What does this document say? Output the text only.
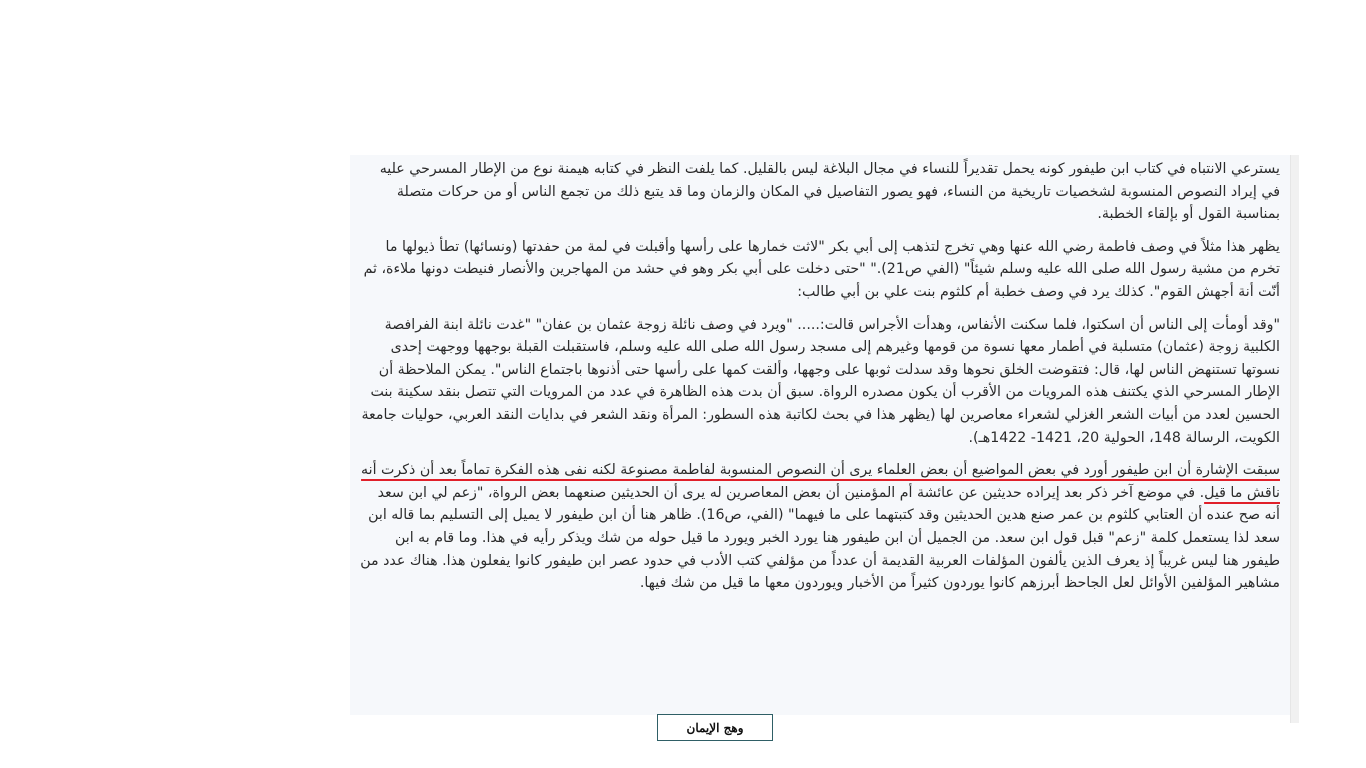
يسترعي الانتباه في كتاب ابن طيفور كونه يحمل تقديراً للنساء في مجال البلاغة ليس بالقليل. كما يلفت النظر في كتابه هيمنة نوع من الإطار المسرحي عليه في إيراد النصوص المنسوبة لشخصيات تاريخية من النساء، فهو يصور التفاصيل في المكان والزمان وما قد يتبع ذلك من تجمع الناس أو من حركات متصلة بمناسبة القول أو بإلقاء الخطبة.

يظهر هذا مثلاً في وصف فاطمة رضي الله عنها وهي تخرج لتذهب إلى أبي بكر "لاثت خمارها على رأسها وأقبلت في لمة من حفدتها (ونسائها) تطأ ذيولها ما تخرم من مشية رسول الله صلى الله عليه وسلم شيئاً" (الفي ص21)." "حتى دخلت على أبي بكر وهو في حشد من المهاجرين والأنصار فنيطت دونها ملاءة، ثم أنّت أنة أجهش القوم". كذلك يرد في وصف خطبة أم كلثوم بنت علي بن أبي طالب:

"وقد أومأت إلى الناس أن اسكتوا، فلما سكنت الأنفاس، وهدأت الأجراس قالت:..... "ويرد في وصف نائلة زوجة عثمان بن عفان" "غدت نائلة ابنة الفرافصة الكلبية زوجة (عثمان) متسلبة في أطمار معها نسوة من قومها وغيرهم إلى مسجد رسول الله صلى الله عليه وسلم، فاستقبلت القبلة بوجهها ووجهت إحدى نسوتها تستنهض الناس لها، قال: فتقوضت الخلق نحوها وقد سدلت ثوبها على وجهها، وألقت كمها على رأسها حتى أذنوها باجتماع الناس". يمكن الملاحظة أن الإطار المسرحي الذي يكتنف هذه المرويات من الأقرب أن يكون مصدره الرواة. سبق أن بدت هذه الظاهرة في عدد من المرويات التي تتصل بنقد سكينة بنت الحسين لعدد من أبيات الشعر الغزلي لشعراء معاصرين لها (يظهر هذا في بحث لكاتبة هذه السطور: المرأة ونقد الشعر في بدايات النقد العربي، حوليات جامعة الكويت، الرسالة 148، الحولية 20، 1421- 1422هـ).

سبقت الإشارة أن ابن طيفور أورد في بعض المواضيع أن بعض العلماء يرى أن النصوص المنسوبة لفاطمة مصنوعة لكنه نفى هذه الفكرة تماماً بعد أن ذكرت أنه ناقش ما قيل. في موضع آخر ذكر بعد إيراده حديثين عن عائشة أم المؤمنين أن بعض المعاصرين له يرى أن الحديثين صنعهما بعض الرواة، "زعم لي ابن سعد أنه صح عنده أن العتابي كلثوم بن عمر صنع هدين الحديثين وقد كتبتهما على ما فيهما" (الفي، ص16). ظاهر هنا أن ابن طيفور لا يميل إلى التسليم بما قاله ابن سعد لذا يستعمل كلمة "زعم" قبل قول ابن سعد. من الجميل أن ابن طيفور هنا يورد الخبر ويورد ما قيل حوله من شك ويذكر رأيه في هذا. وما قام به ابن طيفور هنا ليس غريباً إذ يعرف الذين يألفون المؤلفات العربية القديمة أن عدداً من مؤلفي كتب الأدب في حدود عصر ابن طيفور كانوا يفعلون هذا. هناك عدد من مشاهير المؤلفين الأوائل لعل الجاحظ أبرزهم كانوا يوردون كثيراً من الأخبار ويوردون معها ما قيل من شك فيها.

وهج الإيمان
